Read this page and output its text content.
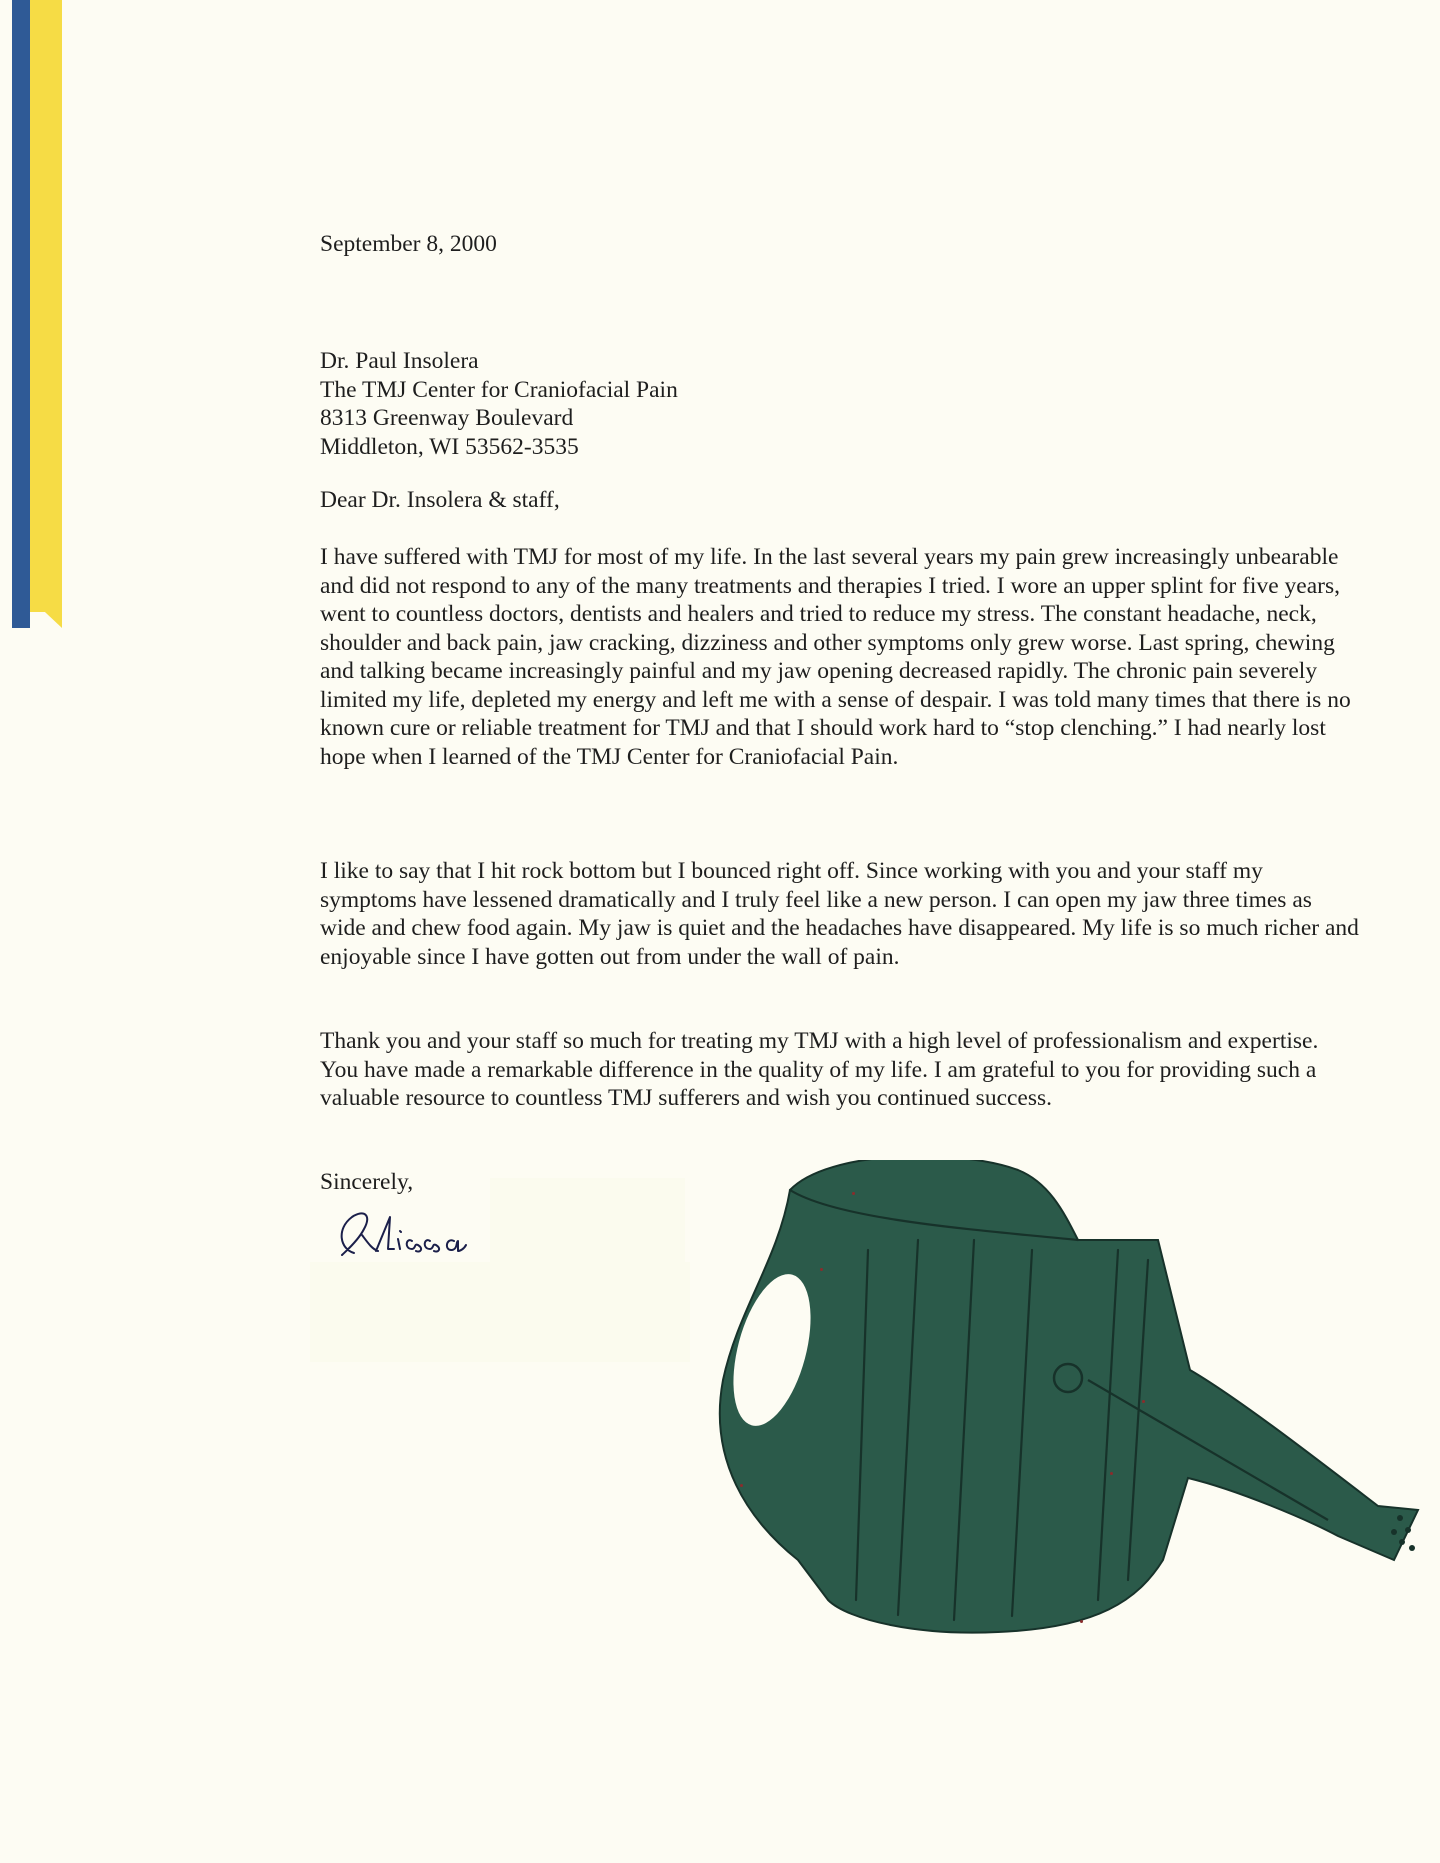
September 8, 2000
Dr. Paul Insolera
The TMJ Center for Craniofacial Pain
8313 Greenway Boulevard
Middleton, WI 53562-3535
Dear Dr. Insolera & staff,

I have suffered with TMJ for most of my life. In the last several years my pain grew increasingly unbearable and did not respond to any of the many treatments and therapies I tried. I wore an upper splint for five years, went to countless doctors, dentists and healers and tried to reduce my stress. The constant headache, neck, shoulder and back pain, jaw cracking, dizziness and other symptoms only grew worse. Last spring, chewing and talking became increasingly painful and my jaw opening decreased rapidly. The chronic pain severely limited my life, depleted my energy and left me with a sense of despair. I was told many times that there is no known cure or reliable treatment for TMJ and that I should work hard to “stop clenching.” I had nearly lost hope when I learned of the TMJ Center for Craniofacial Pain.

I like to say that I hit rock bottom but I bounced right off. Since working with you and your staff my symptoms have lessened dramatically and I truly feel like a new person. I can open my jaw three times as wide and chew food again. My jaw is quiet and the headaches have disappeared. My life is so much richer and enjoyable since I have gotten out from under the wall of pain.

Thank you and your staff so much for treating my TMJ with a high level of professionalism and expertise. You have made a remarkable difference in the quality of my life. I am grateful to you for providing such a valuable resource to countless TMJ sufferers and wish you continued success.

Sincerely,
